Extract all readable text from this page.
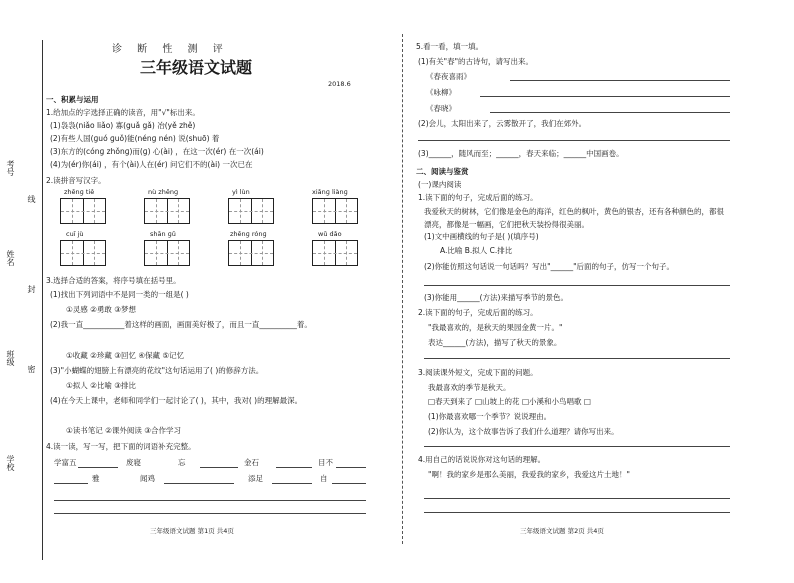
考号
线
姓名
封
班级
密
学校
诊 断 性 测 评
三年级语文试题
2018.6
一、积累与运用
1.给加点的字选择正确的读音，用"√"标出来。
(1)袅袅(niǎo liǎo) 寡(guǎ gǎ) 冶(yě zhě)
(2)有些人国(ɡuó ɡuǒ)能(nénɡ nén) 说(shuō) 着
(3)东方的(cónɡ zhǒnɡ)而(ɡ) 心(ài) ，在这一次(ér) 在一次(ái)
(4)为(ér)你(ái) ，有个(ài)人在(ér) 问它们不的(ài) 一次已在
2.读拼音写汉字。
zhēnɡ tiě	nù zhēnɡ	yì lùn	xiǎnɡ liànɡ
cuī jù	shān ɡǔ	zhēnɡ rónɡ	wǔ dǎo
3.选择合适的答案，将序号填在括号里。
(1)找出下列词语中不是同一类的一组是( )
①灵感 ②勇敢 ③梦想
(2)我一直___________着这样的画面，画面美好极了，而且一直__________着。
①收藏 ②珍藏 ③回忆 ④保藏 ⑤记忆
(3)"小蝴蝶的翅膀上有漂亮的花纹"这句话运用了( )的修辞方法。
①拟人 ②比喻 ③排比
(4)在今天上课中，老师和同学们一起讨论了( )，其中，我对( )的理解最深。
①读书笔记 ②课外阅读 ③合作学习
4.读一读，写一写，把下面的词语补充完整。
学富五	废寝	忘	金石	目不
雅	闻鸡	添足	自
三年级语文试题 第1页 共4页
5.看一看，填一填。
(1)有关"春"的古诗句，请写出来。
《春夜喜雨》
《咏柳》
《春晓》
(2)会儿，太阳出来了，云雾散开了，我们在郊外。
(3)______，随风而至；______，春天来临；______中国画卷。
二、阅读与鉴赏
(一)课内阅读
1.读下面的句子，完成后面的练习。
我爱秋天的树林，它们像是金色的海洋，红色的枫叶，黄色的银杏，还有各种颜色的，都很漂亮，都像是一幅画，它们把秋天装扮得很美丽。
(1)文中画横线的句子是( )(填序号)
A.比喻 B.拟人 C.排比
(2)你能仿照这句话说一句话吗？写出"______"后面的句子，仿写一个句子。
(3)你能用______(方法)来描写季节的景色。
2.读下面的句子，完成后面的练习。
"我最喜欢的，是秋天的果园金黄一片。"
表达______(方法)，描写了秋天的景象。
3.阅读课外短文，完成下面的问题。
我最喜欢的季节是秋天。
□春天到来了 □山坡上的花 □小溪和小鸟唱歌 □
(1)你最喜欢哪一个季节？说说理由。
(2)你认为，这个故事告诉了我们什么道理？请你写出来。
4.用自己的话说说你对这句话的理解。
"啊！我的家乡是那么美丽，我爱我的家乡，我爱这片土地！"
三年级语文试题 第2页 共4页
